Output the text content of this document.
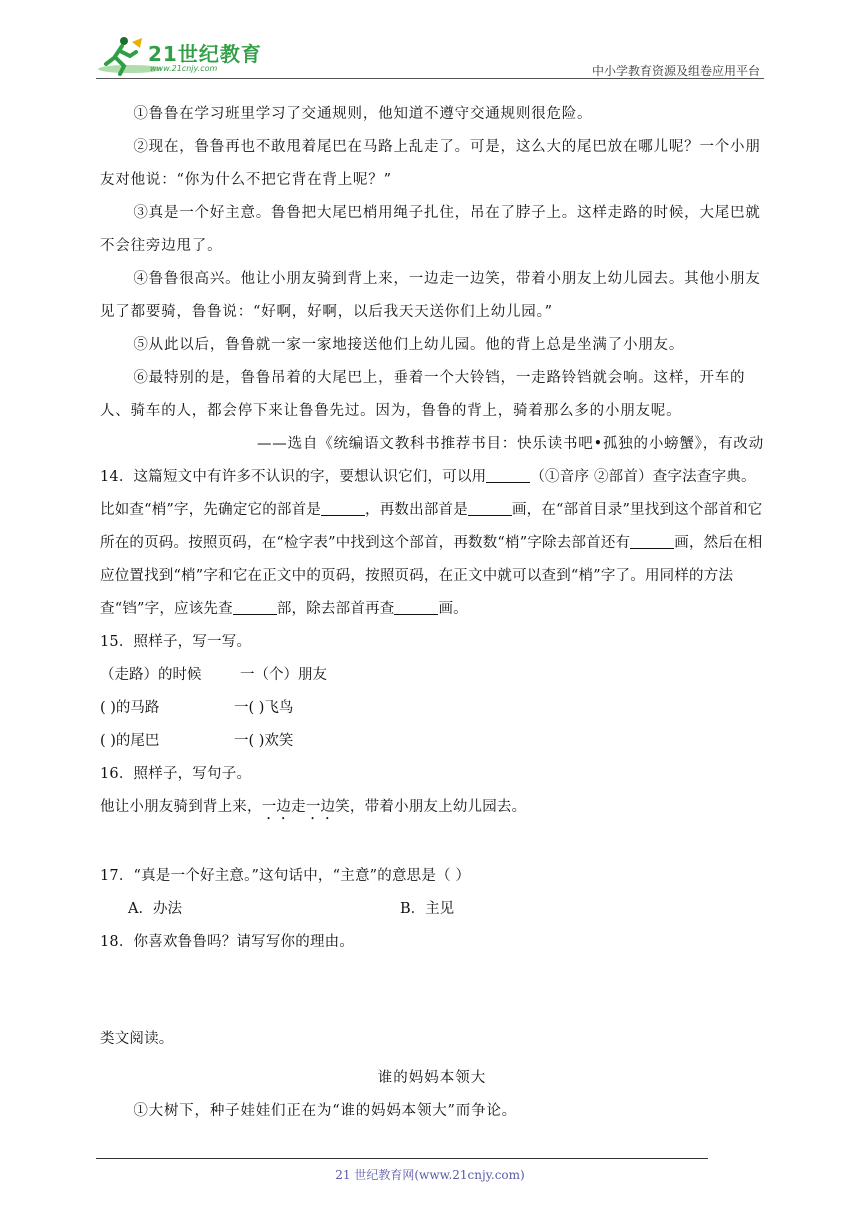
21世纪教育
www.21cnjy.com	中小学教育资源及组卷应用平台

①鲁鲁在学习班里学习了交通规则，他知道不遵守交通规则很危险。

②现在，鲁鲁再也不敢甩着尾巴在马路上乱走了。可是，这么大的尾巴放在哪儿呢？一个小朋友对他说：“你为什么不把它背在背上呢？”

③真是一个好主意。鲁鲁把大尾巴梢用绳子扎住，吊在了脖子上。这样走路的时候，大尾巴就不会往旁边甩了。

④鲁鲁很高兴。他让小朋友骑到背上来，一边走一边笑，带着小朋友上幼儿园去。其他小朋友见了都要骑，鲁鲁说：“好啊，好啊，以后我天天送你们上幼儿园。”

⑤从此以后，鲁鲁就一家一家地接送他们上幼儿园。他的背上总是坐满了小朋友。

⑥最特别的是，鲁鲁吊着的大尾巴上，垂着一个大铃铛，一走路铃铛就会响。这样，开车的人、骑车的人，都会停下来让鲁鲁先过。因为，鲁鲁的背上，骑着那么多的小朋友呢。

——选自《统编语文教科书推荐书目：快乐读书吧•孤独的小螃蟹》，有改动

14．这篇短文中有许多不认识的字，要想认识它们，可以用	（①音序 ②部首）查字法查字典。比如查“梢”字，先确定它的部首是	，再数出部首是	画，在“部首目录”里找到这个部首和它所在的页码。按照页码，在“检字表”中找到这个部首，再数数“梢”字除去部首还有	画，然后在相应位置找到“梢”字和它在正文中的页码，按照页码，在正文中就可以查到“梢”字了。用同样的方法查“铛”字，应该先查	部，除去部首再查	画。

15．照样子，写一写。

（走路）的时候	一（个）朋友
( )的马路	一( )飞鸟
( )的尾巴	一( )欢笑

16．照样子，写句子。

他让小朋友骑到背上来，一边走一边笑，带着小朋友上幼儿园去。

17．“真是一个好主意。”这句话中，“主意”的意思是（ ）

A．办法	B．主见

18．你喜欢鲁鲁吗？请写写你的理由。

类文阅读。

谁的妈妈本领大

①大树下，种子娃娃们正在为“谁的妈妈本领大”而争论。

21 世纪教育网(www.21cnjy.com)
